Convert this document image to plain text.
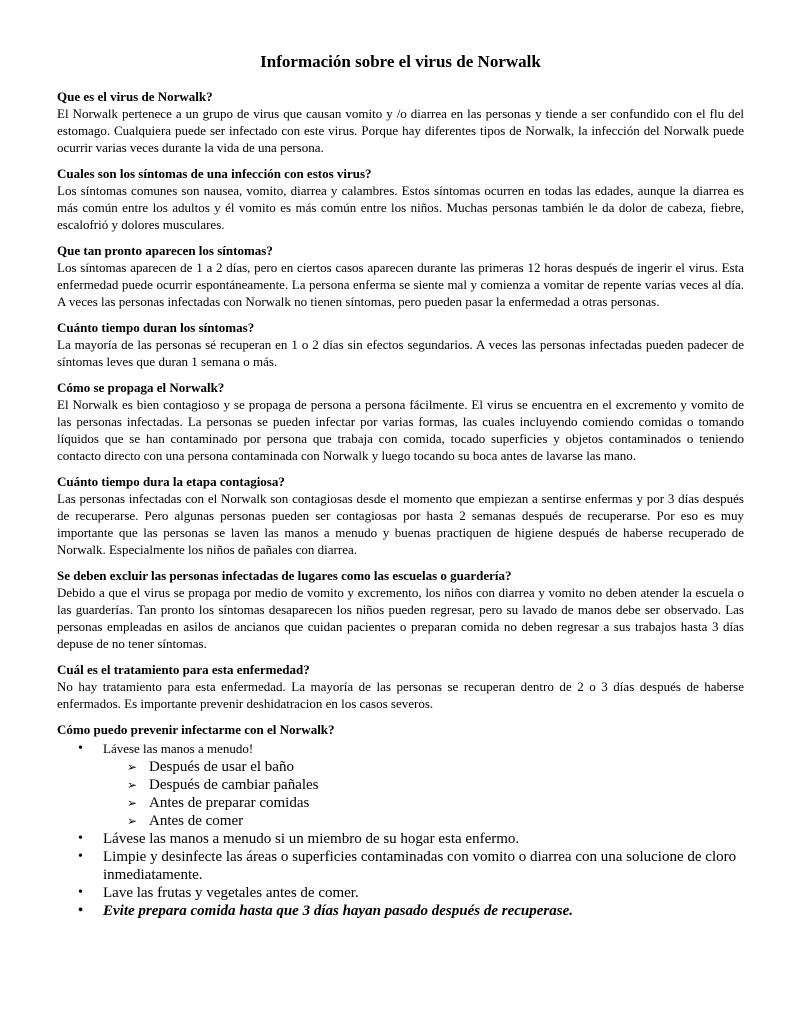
Información sobre el virus de Norwalk
Que es el virus de Norwalk?

El Norwalk pertenece a un grupo de virus que causan vomito y /o diarrea en las personas y tiende a ser confundido con el flu del estomago. Cualquiera puede ser infectado con este virus. Porque hay diferentes tipos de Norwalk, la infección del Norwalk puede ocurrir varias veces durante la vida de una persona.

Cuales son los síntomas de una infección con estos virus?

Los síntomas comunes son nausea, vomito, diarrea y calambres. Estos síntomas ocurren en todas las edades, aunque la diarrea es más común entre los adultos y él vomito es más común entre los niños. Muchas personas también le da dolor de cabeza, fiebre, escalofrió y dolores musculares.

Que tan pronto aparecen los síntomas?

Los síntomas aparecen de 1 a 2 días, pero en ciertos casos aparecen durante las primeras 12 horas después de ingerir el virus. Esta enfermedad puede ocurrir espontáneamente. La persona enferma se siente mal y comienza a vomitar de repente varias veces al día. A veces las personas infectadas con Norwalk no tienen síntomas, pero pueden pasar la enfermedad a otras personas.

Cuánto tiempo duran los síntomas?

La mayoría de las personas sé recuperan en 1 o 2 días sin efectos segundarios. A veces las personas infectadas pueden padecer de síntomas leves que duran 1 semana o más.

Cómo se propaga el Norwalk?

El Norwalk es bien contagioso y se propaga de persona a persona fácilmente. El virus se encuentra en el excremento y vomito de las personas infectadas. La personas se pueden infectar por varias formas, las cuales incluyendo comiendo comidas o tomando líquidos que se han contaminado por persona que trabaja con comida, tocado superficies y objetos contaminados o teniendo contacto directo con una persona contaminada con Norwalk y luego tocando su boca antes de lavarse las mano.

Cuánto tiempo dura la etapa contagiosa?

Las personas infectadas con el Norwalk son contagiosas desde el momento que empiezan a sentirse enfermas y por 3 días después de recuperarse. Pero algunas personas pueden ser contagiosas por hasta 2 semanas después de recuperarse. Por eso es muy importante que las personas se laven las manos a menudo y buenas practiquen de higiene después de haberse recuperado de Norwalk. Especialmente los niños de pañales con diarrea.

Se deben excluir las personas infectadas de lugares como las escuelas o guardería?

Debido a que el virus se propaga por medio de vomito y excremento, los niños con diarrea y vomito no deben atender la escuela o las guarderías. Tan pronto los síntomas desaparecen los niños pueden regresar, pero su lavado de manos debe ser observado. Las personas empleadas en asilos de ancianos que cuidan pacientes o preparan comida no deben regresar a sus trabajos hasta 3 días depuse de no tener síntomas.

Cuál es el tratamiento para esta enfermedad?

No hay tratamiento para esta enfermedad. La mayoría de las personas se recuperan dentro de 2 o 3 días después de haberse enfermados. Es importante prevenir deshidatracion en los casos severos.

Cómo puedo prevenir infectarme con el Norwalk?
• Lávese las manos a menudo!
➢ Después de usar el baño
➢ Después de cambiar pañales
➢ Antes de preparar comidas
➢ Antes de comer
• Lávese las manos a menudo si un miembro de su hogar esta enfermo.
• Limpie y desinfecte las áreas o superficies contaminadas con vomito o diarrea con una solucione de cloro inmediatamente.
• Lave las frutas y vegetales antes de comer.
• Evite prepara comida hasta que 3 días hayan pasado después de recuperase.
